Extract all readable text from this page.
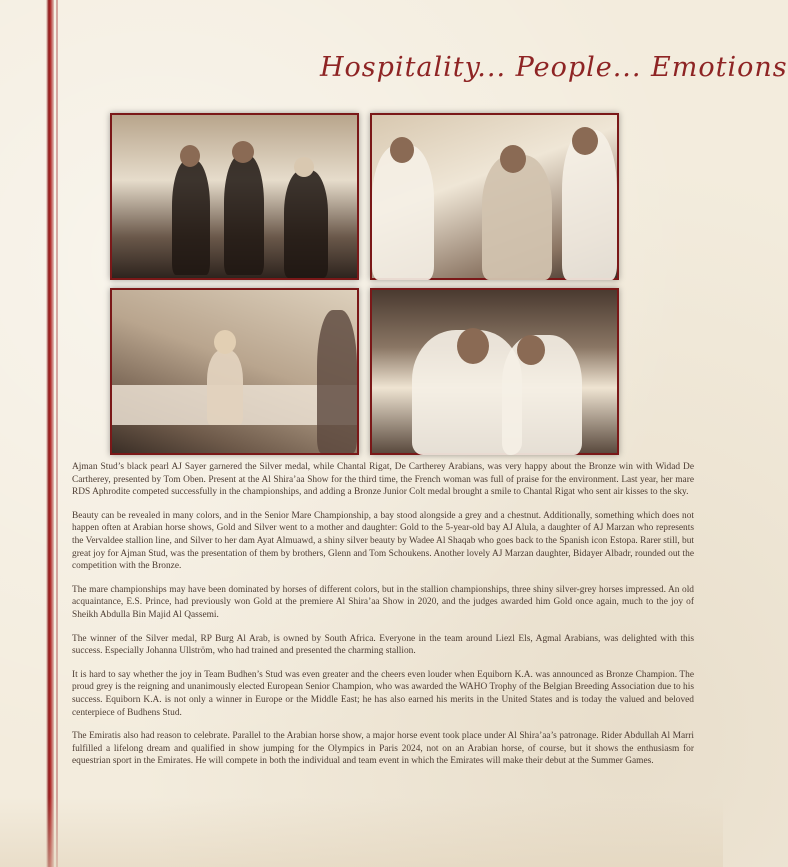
Hospitality... People... Emotions

Ajman Stud’s black pearl AJ Sayer garnered the Silver medal, while Chantal Rigat, De Cartherey Arabians, was very happy about the Bronze win with Widad De Cartherey, presented by Tom Oben. Present at the Al Shira’aa Show for the third time, the French woman was full of praise for the environment. Last year, her mare RDS Aphrodite competed successfully in the championships, and adding a Bronze Junior Colt medal brought a smile to Chantal Rigat who sent air kisses to the sky.

Beauty can be revealed in many colors, and in the Senior Mare Championship, a bay stood alongside a grey and a chestnut. Additionally, something which does not happen often at Arabian horse shows, Gold and Silver went to a mother and daughter: Gold to the 5-year-old bay AJ Alula, a daughter of AJ Marzan who represents the Vervaldee stallion line, and Silver to her dam Ayat Almuawd, a shiny silver beauty by Wadee Al Shaqab who goes back to the Spanish icon Estopa. Rarer still, but great joy for Ajman Stud, was the presentation of them by brothers, Glenn and Tom Schoukens. Another lovely AJ Marzan daughter, Bidayer Albadr, rounded out the competition with the Bronze.

The mare championships may have been dominated by horses of different colors, but in the stallion championships, three shiny silver-grey horses impressed. An old acquaintance, E.S. Prince, had previously won Gold at the premiere Al Shira’aa Show in 2020, and the judges awarded him Gold once again, much to the joy of Sheikh Abdulla Bin Majid Al Qassemi.

The winner of the Silver medal, RP Burg Al Arab, is owned by South Africa. Everyone in the team around Liezl Els, Agmal Arabians, was delighted with this success. Especially Johanna Ullström, who had trained and presented the charming stallion.

It is hard to say whether the joy in Team Budhen’s Stud was even greater and the cheers even louder when Equiborn K.A. was announced as Bronze Champion. The proud grey is the reigning and unanimously elected European Senior Champion, who was awarded the WAHO Trophy of the Belgian Breeding Association due to his success. Equiborn K.A. is not only a winner in Europe or the Middle East; he has also earned his merits in the United States and is today the valued and beloved centerpiece of Budhens Stud.

The Emiratis also had reason to celebrate. Parallel to the Arabian horse show, a major horse event took place under Al Shira’aa’s patronage. Rider Abdullah Al Marri fulfilled a lifelong dream and qualified in show jumping for the Olympics in Paris 2024, not on an Arabian horse, of course, but it shows the enthusiasm for equestrian sport in the Emirates. He will compete in both the individual and team event in which the Emirates will make their debut at the Summer Games.
